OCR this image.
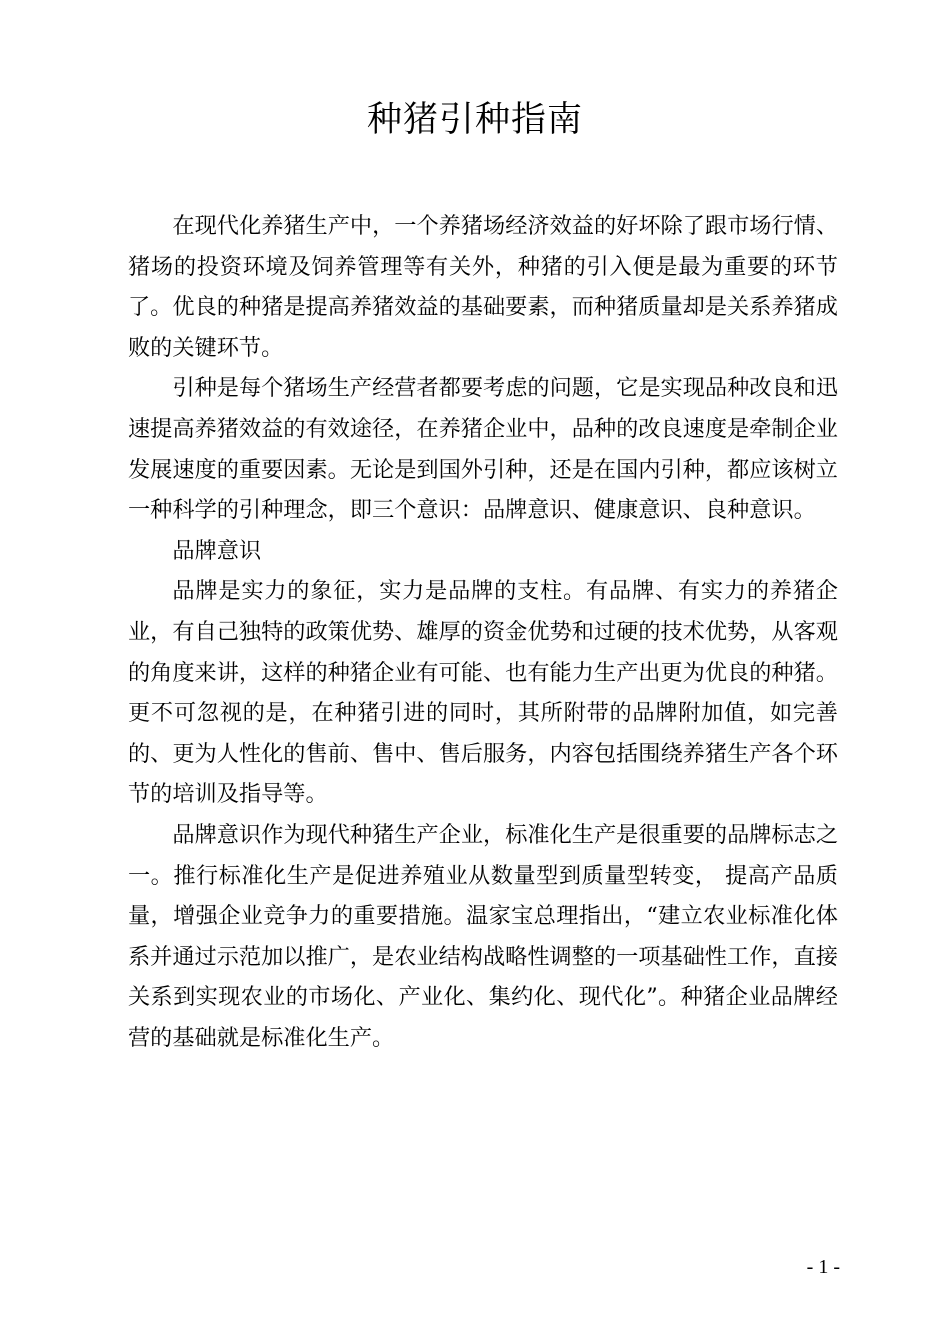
种猪引种指南

在现代化养猪生产中，一个养猪场经济效益的好坏除了跟市场行情、猪场的投资环境及饲养管理等有关外，种猪的引入便是最为重要的环节了。优良的种猪是提高养猪效益的基础要素，而种猪质量却是关系养猪成败的关键环节。

引种是每个猪场生产经营者都要考虑的问题，它是实现品种改良和迅速提高养猪效益的有效途径，在养猪企业中，品种的改良速度是牵制企业发展速度的重要因素。无论是到国外引种，还是在国内引种，都应该树立一种科学的引种理念，即三个意识：品牌意识、健康意识、良种意识。

品牌意识

品牌是实力的象征，实力是品牌的支柱。有品牌、有实力的养猪企业，有自己独特的政策优势、雄厚的资金优势和过硬的技术优势，从客观的角度来讲，这样的种猪企业有可能、也有能力生产出更为优良的种猪。更不可忽视的是，在种猪引进的同时，其所附带的品牌附加值，如完善的、更为人性化的售前、售中、售后服务，内容包括围绕养猪生产各个环节的培训及指导等。

品牌意识作为现代种猪生产企业，标准化生产是很重要的品牌标志之一。推行标准化生产是促进养殖业从数量型到质量型转变， 提高产品质量，增强企业竞争力的重要措施。温家宝总理指出，“建立农业标准化体系并通过示范加以推广，是农业结构战略性调整的一项基础性工作，直接关系到实现农业的市场化、产业化、集约化、现代化”。种猪企业品牌经营的基础就是标准化生产。

- 1 -
